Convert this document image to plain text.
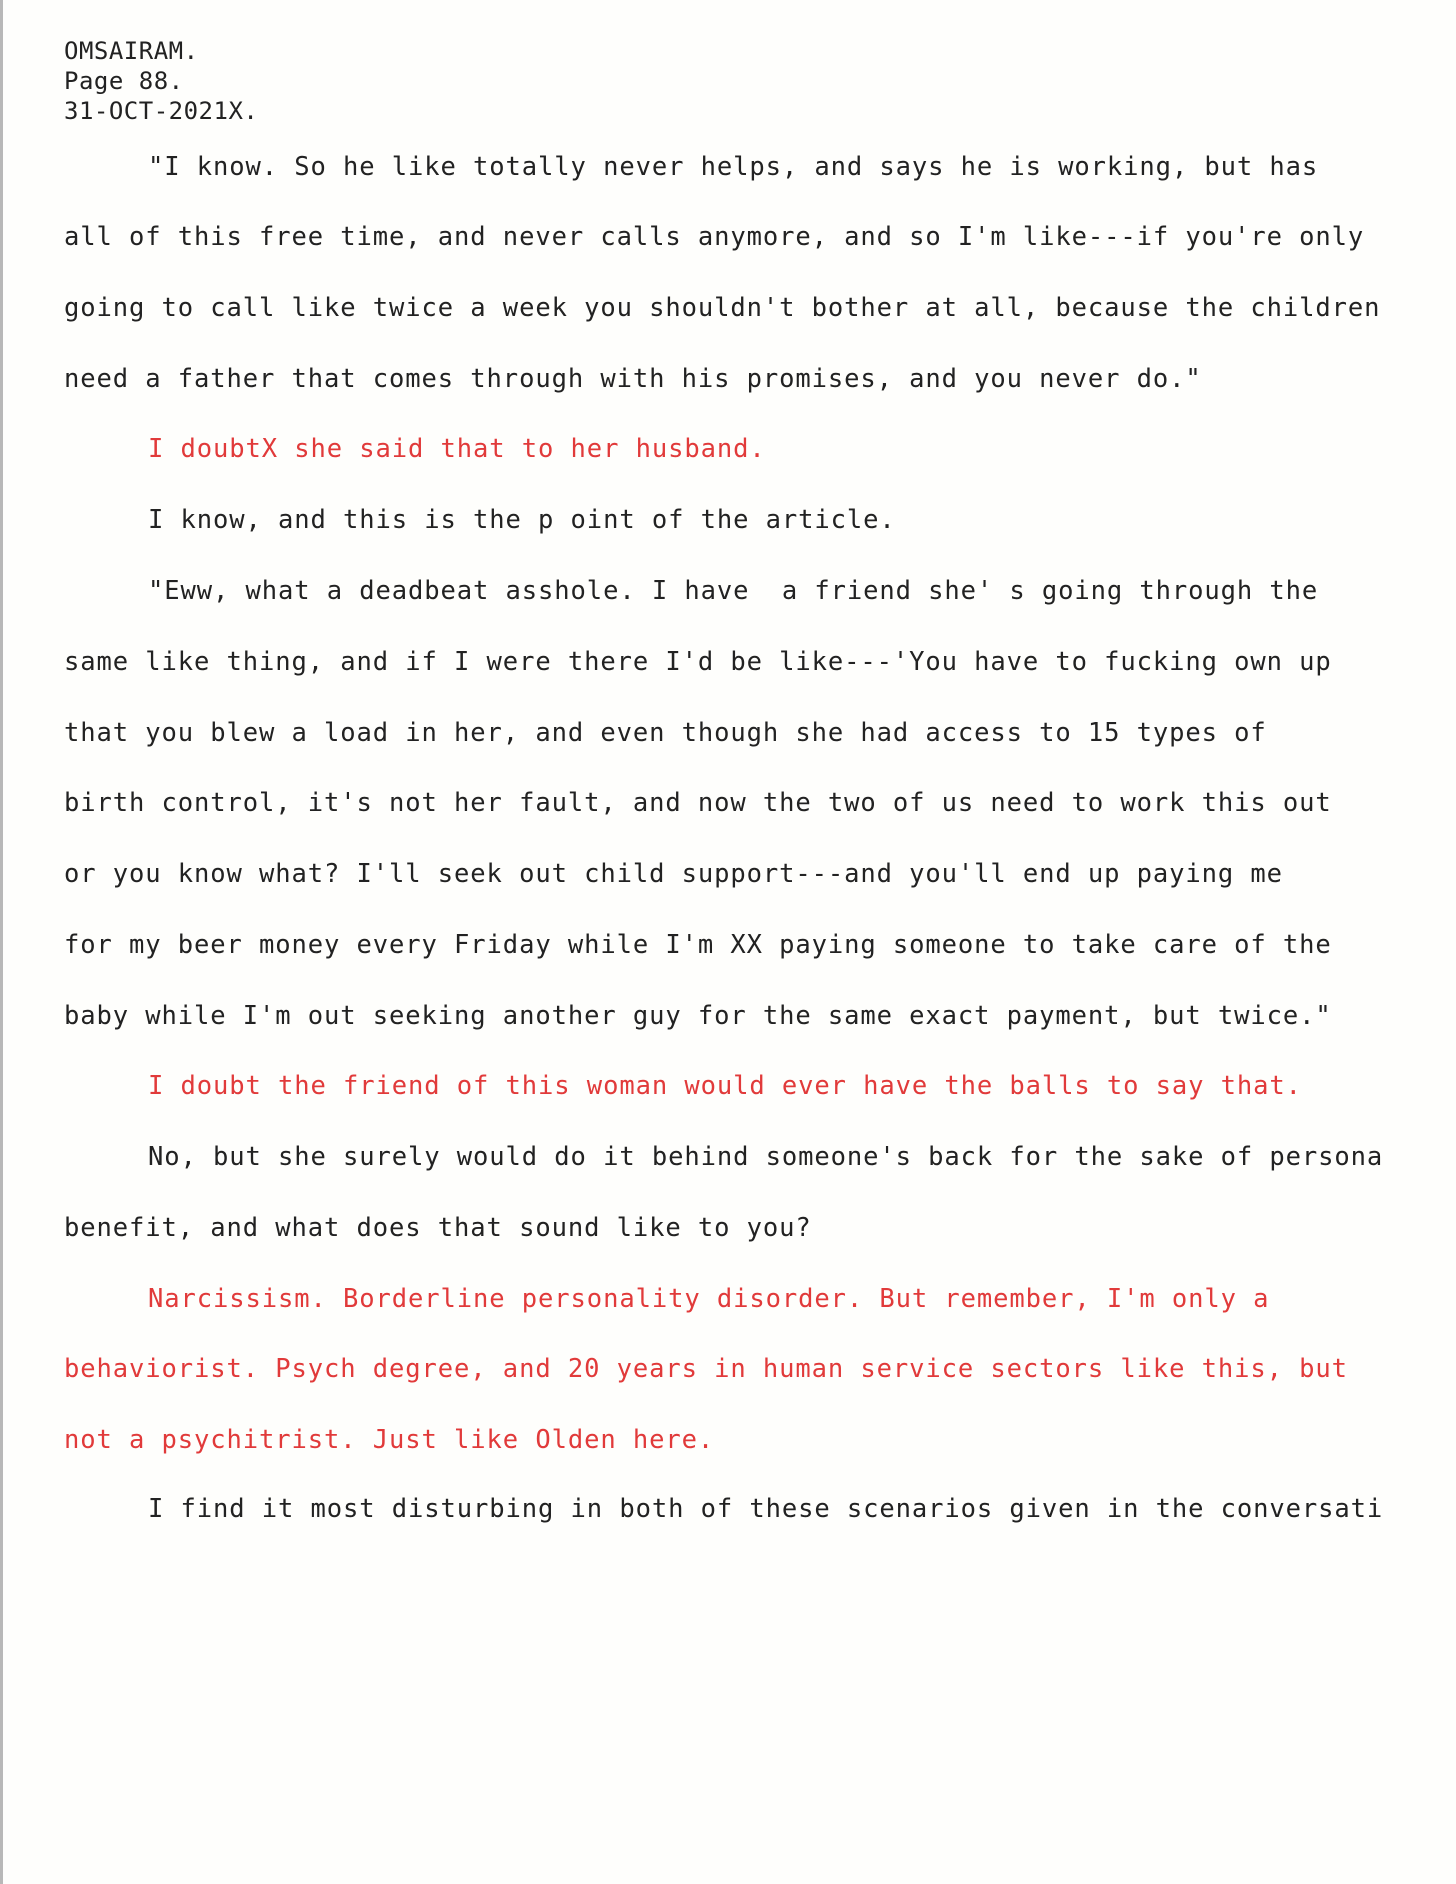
OMSAIRAM.
Page 88.
31-OCT-2021X.
"I know. So he like totally never helps, and says he is working, but has
all of this free time, and never calls anymore, and so I'm like---if you're only
going to call like twice a week you shouldn't bother at all, because the children
need a father that comes through with his promises, and you never do."
I doubtX she said that to her husband.
I know, and this is the p oint of the article.
"Eww, what a deadbeat asshole. I have  a friend she' s going through the
same like thing, and if I were there I'd be like---'You have to fucking own up
that you blew a load in her, and even though she had access to 15 types of
birth control, it's not her fault, and now the two of us need to work this out
or you know what? I'll seek out child support---and you'll end up paying me
for my beer money every Friday while I'm XX paying someone to take care of the
baby while I'm out seeking another guy for the same exact payment, but twice."
I doubt the friend of this woman would ever have the balls to say that.
No, but she surely would do it behind someone's back for the sake of persona
benefit, and what does that sound like to you?
Narcissism. Borderline personality disorder. But remember, I'm only a
behaviorist. Psych degree, and 20 years in human service sectors like this, but
not a psychitrist. Just like Olden here.
I find it most disturbing in both of these scenarios given in the conversati
